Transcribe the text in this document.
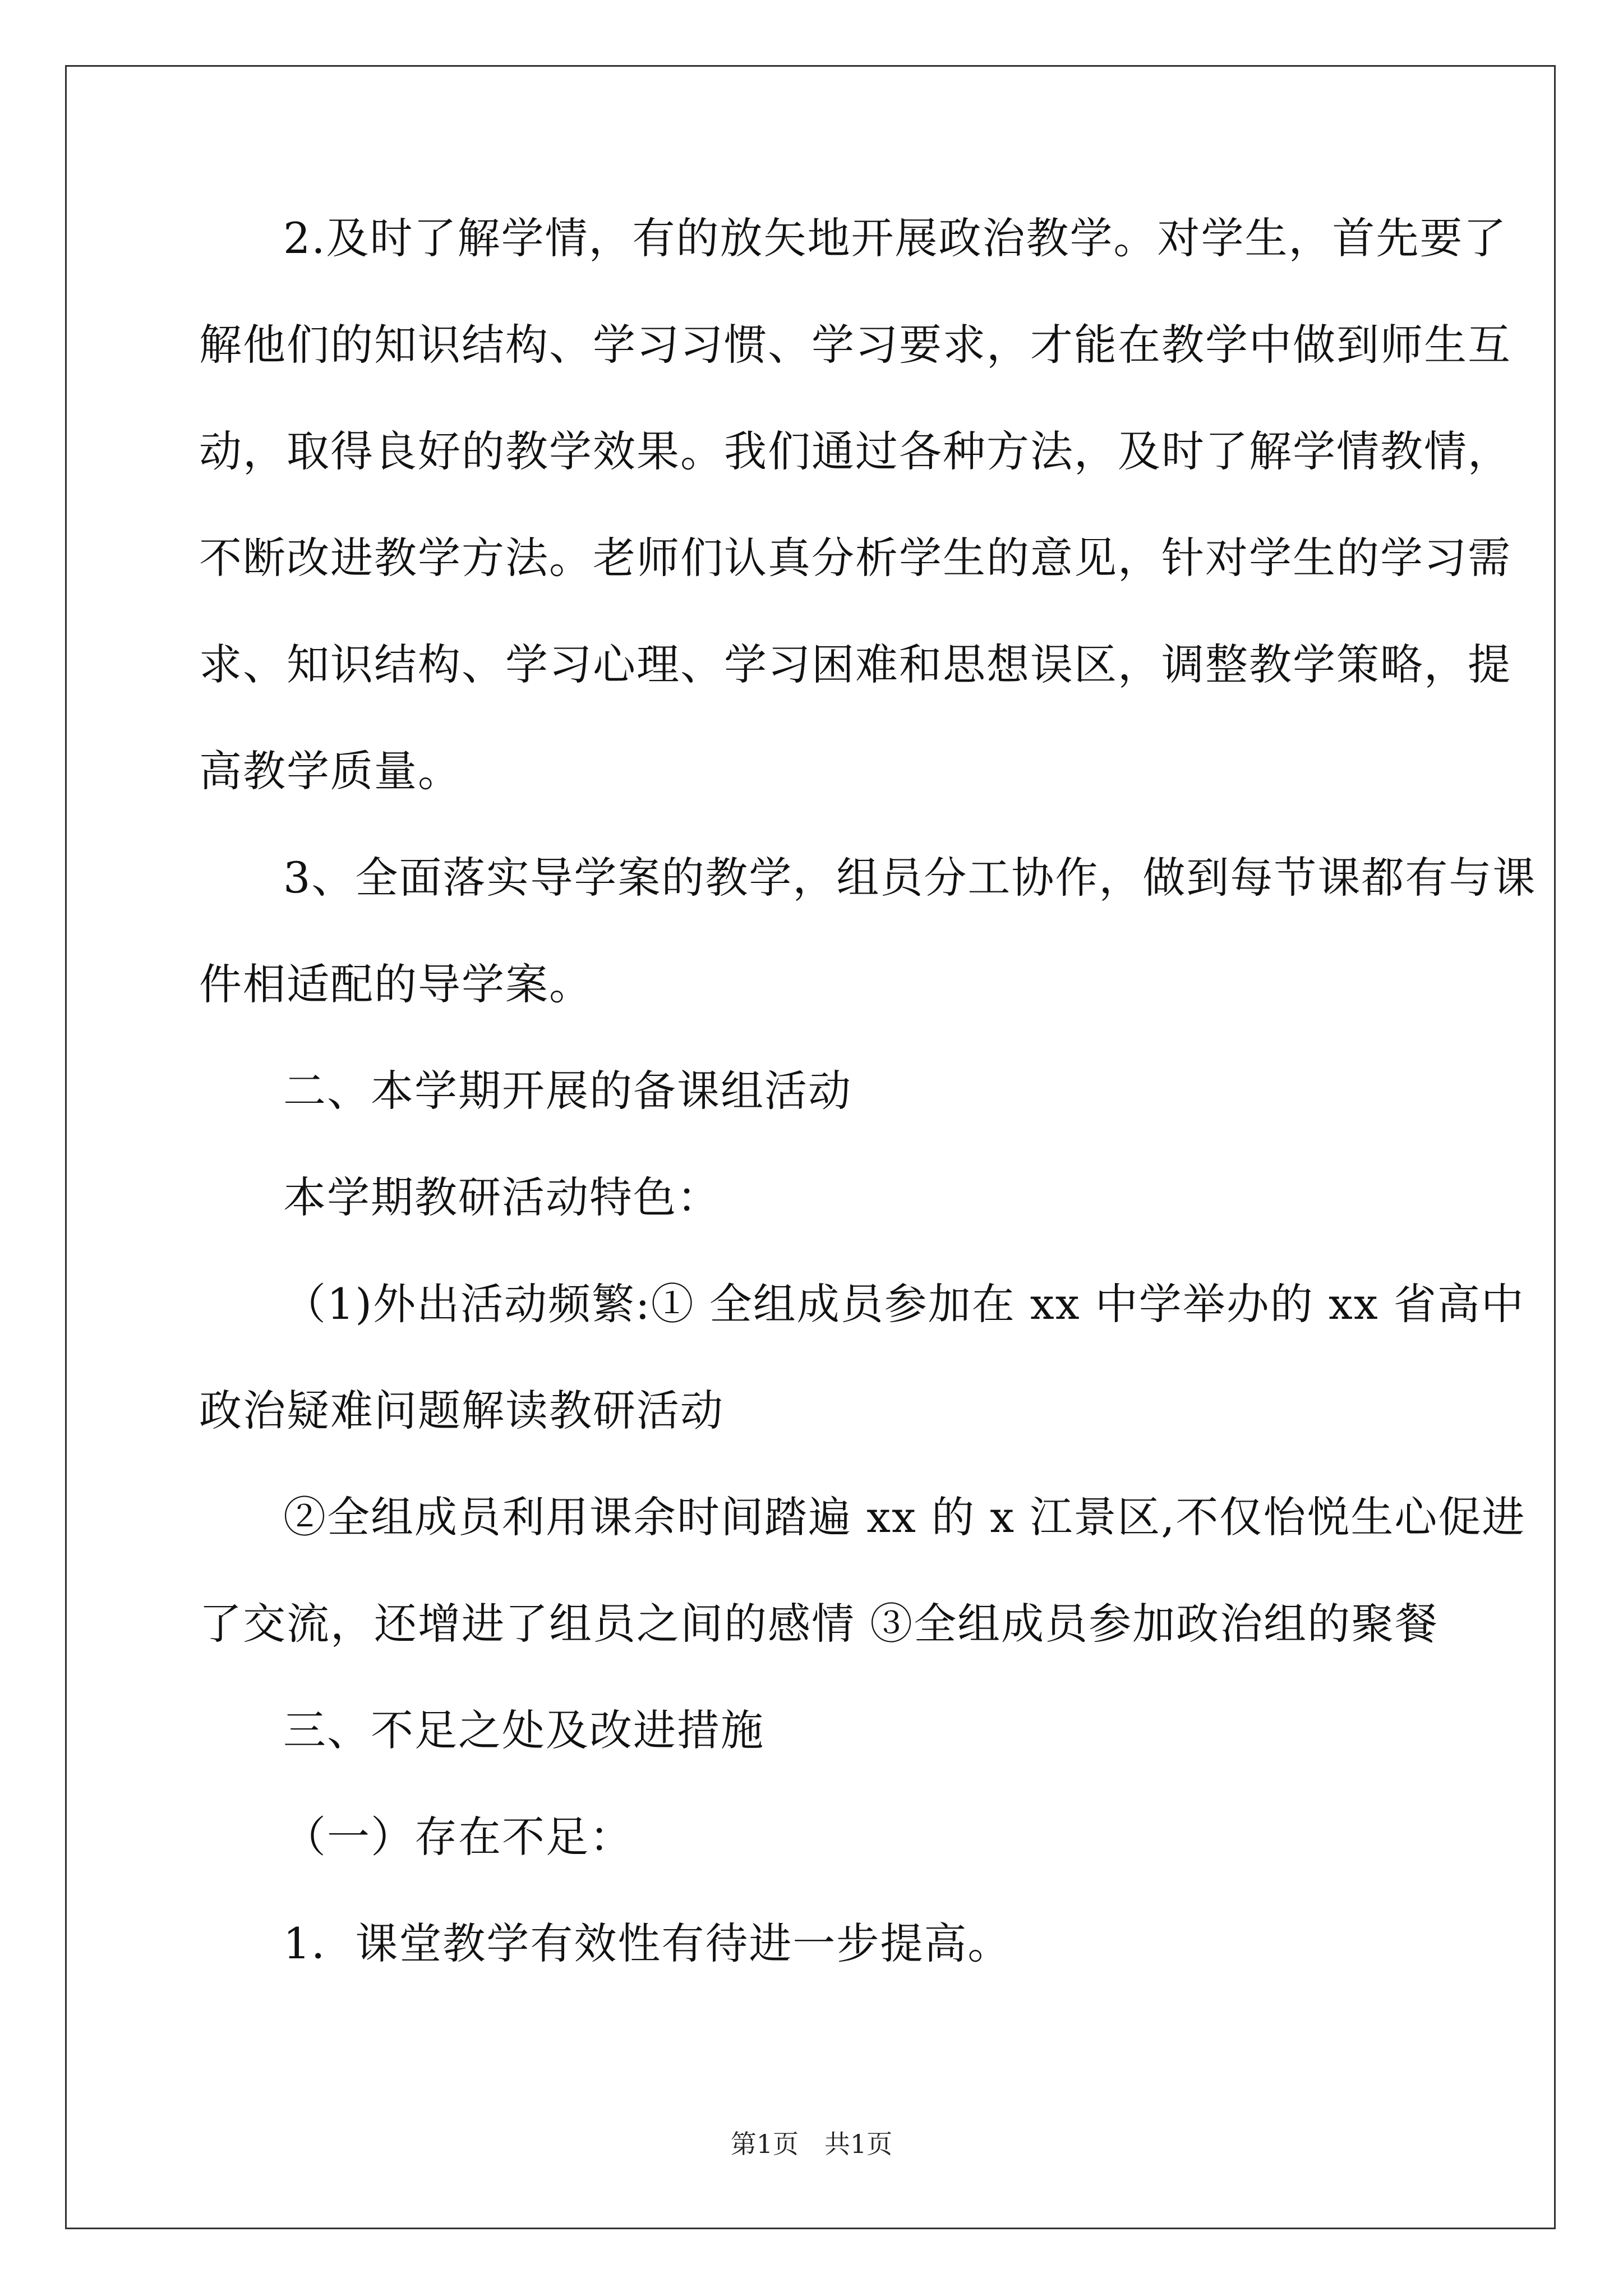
2.及时了解学情，有的放矢地开展政治教学。对学生，首先要了
解他们的知识结构、学习习惯、学习要求，才能在教学中做到师生互
动，取得良好的教学效果。我们通过各种方法，及时了解学情教情，
不断改进教学方法。老师们认真分析学生的意见，针对学生的学习需
求、知识结构、学习心理、学习困难和思想误区，调整教学策略，提
高教学质量。
3、全面落实导学案的教学，组员分工协作，做到每节课都有与课
件相适配的导学案。
二、本学期开展的备课组活动
本学期教研活动特色：
（1)外出活动频繁:① 全组成员参加在 xx 中学举办的 xx 省高中
政治疑难问题解读教研活动
②全组成员利用课余时间踏遍 xx 的 x 江景区,不仅怡悦生心促进
了交流，还增进了组员之间的感情 ③全组成员参加政治组的聚餐
三、不足之处及改进措施
（一）存在不足：
1．课堂教学有效性有待进一步提高。
第1页　共1页
